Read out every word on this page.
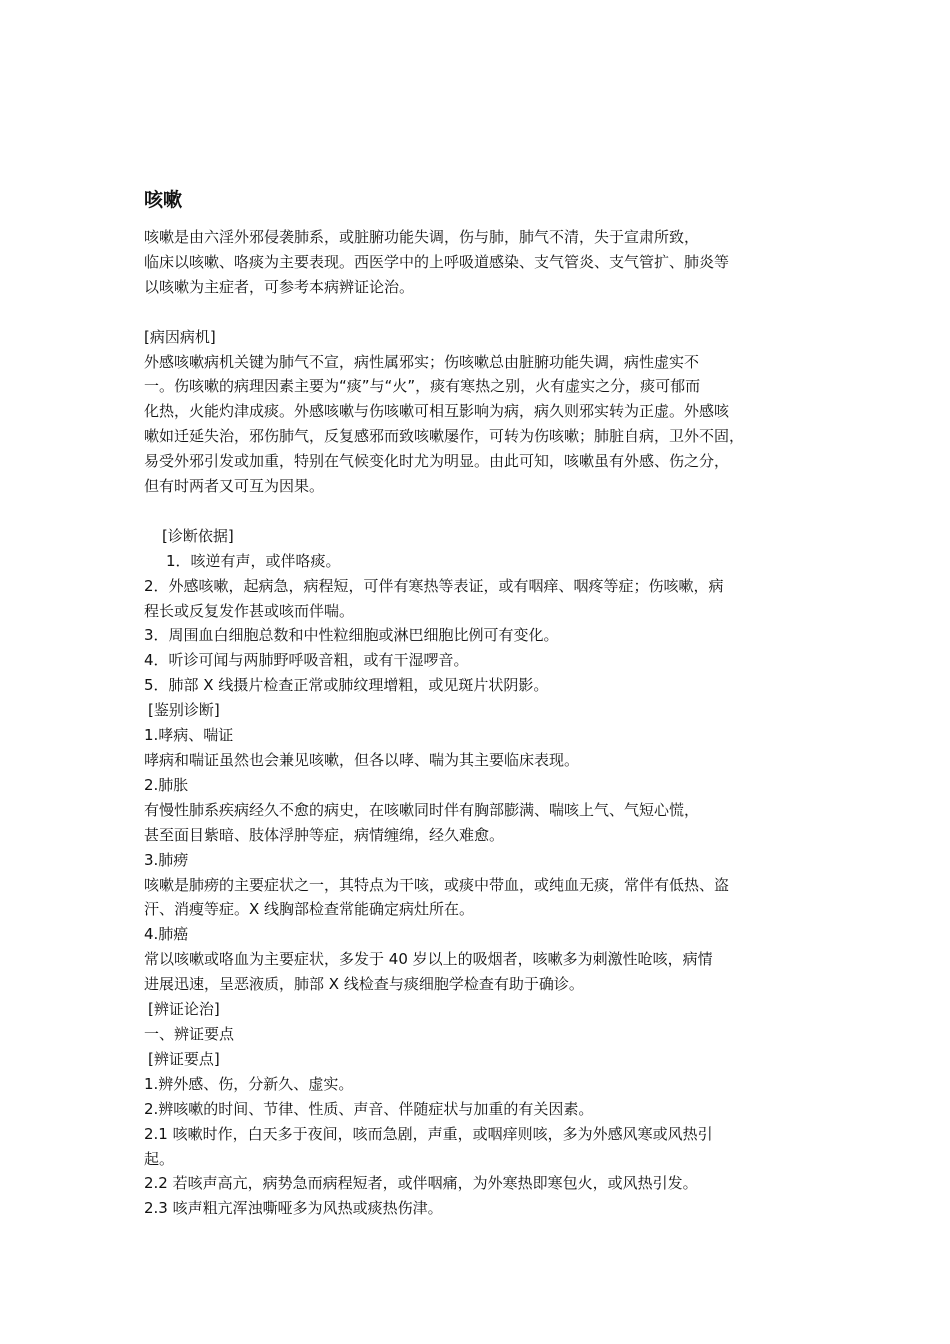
咳嗽

咳嗽是由六淫外邪侵袭肺系，或脏腑功能失调，伤与肺，肺气不清，失于宣肃所致，

临床以咳嗽、咯痰为主要表现。西医学中的上呼吸道感染、支气管炎、支气管扩、肺炎等

以咳嗽为主症者，可参考本病辨证论治。

[病因病机]

外感咳嗽病机关键为肺气不宣，病性属邪实；伤咳嗽总由脏腑功能失调，病性虚实不

一。伤咳嗽的病理因素主要为“痰”与“火”，痰有寒热之别，火有虚实之分，痰可郁而

化热，火能灼津成痰。外感咳嗽与伤咳嗽可相互影响为病，病久则邪实转为正虚。外感咳

嗽如迁延失治，邪伤肺气，反复感邪而致咳嗽屡作，可转为伤咳嗽；肺脏自病，卫外不固，

易受外邪引发或加重，特别在气候变化时尤为明显。由此可知，咳嗽虽有外感、伤之分，

但有时两者又可互为因果。

[诊断依据]

1．咳逆有声，或伴咯痰。

2．外感咳嗽，起病急，病程短，可伴有寒热等表证，或有咽痒、咽疼等症；伤咳嗽，病

程长或反复发作甚或咳而伴喘。

3．周围血白细胞总数和中性粒细胞或淋巴细胞比例可有变化。

4．听诊可闻与两肺野呼吸音粗，或有干湿啰音。

5．肺部 X 线摄片检查正常或肺纹理增粗，或见斑片状阴影。

[鉴别诊断]

1.哮病、喘证

哮病和喘证虽然也会兼见咳嗽，但各以哮、喘为其主要临床表现。

2.肺胀

有慢性肺系疾病经久不愈的病史，在咳嗽同时伴有胸部膨满、喘咳上气、气短心慌，

甚至面目紫暗、肢体浮肿等症，病情缠绵，经久难愈。

3.肺痨

咳嗽是肺痨的主要症状之一，其特点为干咳，或痰中带血，或纯血无痰，常伴有低热、盗

汗、消瘦等症。X 线胸部检查常能确定病灶所在。

4.肺癌

常以咳嗽或咯血为主要症状，多发于 40 岁以上的吸烟者，咳嗽多为刺激性呛咳，病情

进展迅速，呈恶液质，肺部 X 线检查与痰细胞学检查有助于确诊。

[辨证论治]

一、辨证要点

[辨证要点]

1.辨外感、伤，分新久、虚实。

2.辨咳嗽的时间、节律、性质、声音、伴随症状与加重的有关因素。

2.1 咳嗽时作，白天多于夜间，咳而急剧，声重，或咽痒则咳，多为外感风寒或风热引

起。

2.2 若咳声高亢，病势急而病程短者，或伴咽痛，为外寒热即寒包火，或风热引发。

2.3 咳声粗亢浑浊嘶哑多为风热或痰热伤津。
